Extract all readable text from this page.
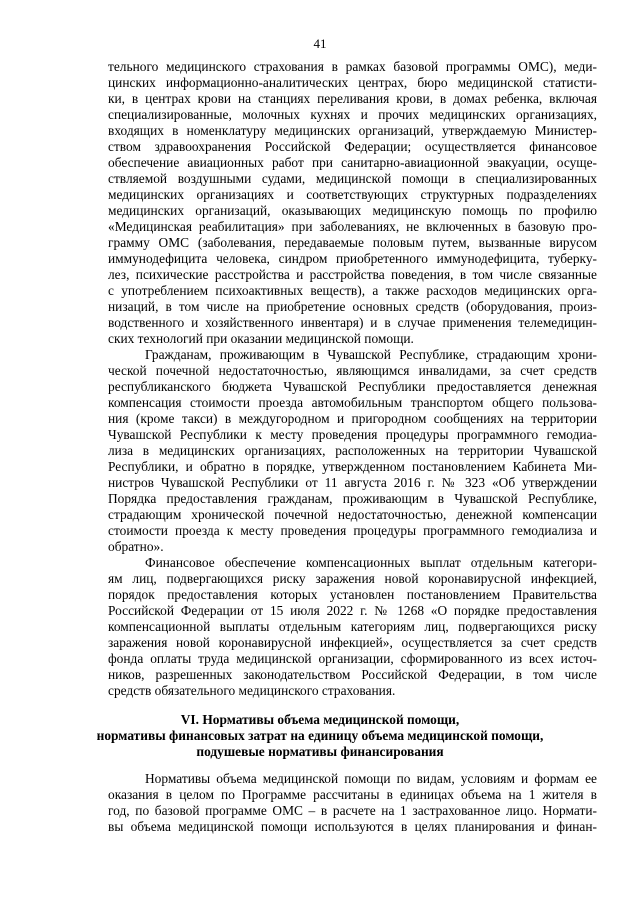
41
тельного медицинского страхования в рамках базовой программы ОМС), меди-
цинских информационно-аналитических центрах, бюро медицинской статисти-
ки, в центрах крови на станциях переливания крови, в домах ребенка, включая
специализированные, молочных кухнях и прочих медицинских организациях,
входящих в номенклатуру медицинских организаций, утверждаемую Министер-
ством здравоохранения Российской Федерации; осуществляется финансовое
обеспечение авиационных работ при санитарно-авиационной эвакуации, осуще-
ствляемой воздушными судами, медицинской помощи в специализированных
медицинских организациях и соответствующих структурных подразделениях
медицинских организаций, оказывающих медицинскую помощь по профилю
«Медицинская реабилитация» при заболеваниях, не включенных в базовую про-
грамму ОМС (заболевания, передаваемые половым путем, вызванные вирусом
иммунодефицита человека, синдром приобретенного иммунодефицита, туберку-
лез, психические расстройства и расстройства поведения, в том числе связанные
с употреблением психоактивных веществ), а также расходов медицинских орга-
низаций, в том числе на приобретение основных средств (оборудования, произ-
водственного и хозяйственного инвентаря) и в случае применения телемедицин-
ских технологий при оказании медицинской помощи.
Гражданам, проживающим в Чувашской Республике, страдающим хрони-
ческой почечной недостаточностью, являющимся инвалидами, за счет средств
республиканского бюджета Чувашской Республики предоставляется денежная
компенсация стоимости проезда автомобильным транспортом общего пользова-
ния (кроме такси) в междугородном и пригородном сообщениях на территории
Чувашской Республики к месту проведения процедуры программного гемодиа-
лиза в медицинских организациях, расположенных на территории Чувашской
Республики, и обратно в порядке, утвержденном постановлением Кабинета Ми-
нистров Чувашской Республики от 11 августа 2016 г. № 323 «Об утверждении
Порядка предоставления гражданам, проживающим в Чувашской Республике,
страдающим хронической почечной недостаточностью, денежной компенсации
стоимости проезда к месту проведения процедуры программного гемодиализа и
обратно».
Финансовое обеспечение компенсационных выплат отдельным категори-
ям лиц, подвергающихся риску заражения новой коронавирусной инфекцией,
порядок предоставления которых установлен постановлением Правительства
Российской Федерации от 15 июля 2022 г. № 1268 «О порядке предоставления
компенсационной выплаты отдельным категориям лиц, подвергающихся риску
заражения новой коронавирусной инфекцией», осуществляется за счет средств
фонда оплаты труда медицинской организации, сформированного из всех источ-
ников, разрешенных законодательством Российской Федерации, в том числе
средств обязательного медицинского страхования.
VI. Нормативы объема медицинской помощи,
нормативы финансовых затрат на единицу объема медицинской помощи,
подушевые нормативы финансирования
Нормативы объема медицинской помощи по видам, условиям и формам ее
оказания в целом по Программе рассчитаны в единицах объема на 1 жителя в
год, по базовой программе ОМС – в расчете на 1 застрахованное лицо. Нормати-
вы объема медицинской помощи используются в целях планирования и финан-
